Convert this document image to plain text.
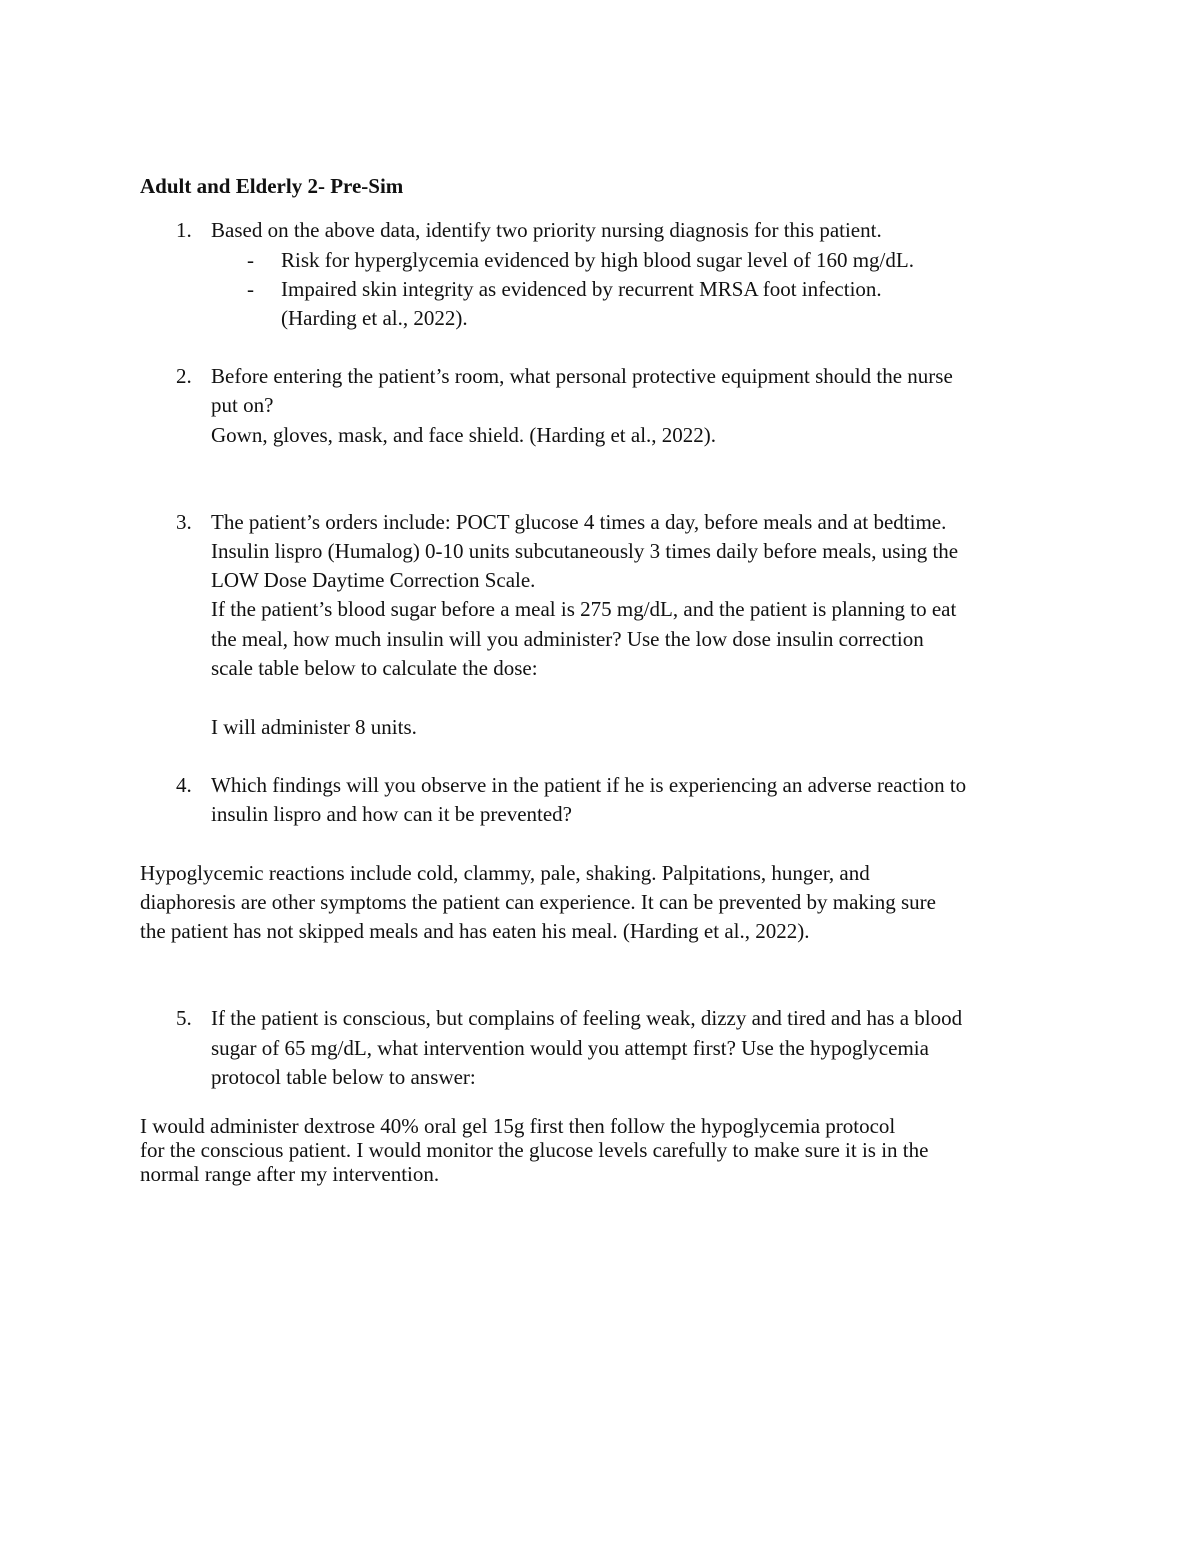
Adult and Elderly 2- Pre-Sim
1. Based on the above data, identify two priority nursing diagnosis for this patient.
- Risk for hyperglycemia evidenced by high blood sugar level of 160 mg/dL.
- Impaired skin integrity as evidenced by recurrent MRSA foot infection.
(Harding et al., 2022).
2. Before entering the patient’s room, what personal protective equipment should the nurse
put on?
Gown, gloves, mask, and face shield. (Harding et al., 2022).
3. The patient’s orders include: POCT glucose 4 times a day, before meals and at bedtime.
Insulin lispro (Humalog) 0-10 units subcutaneously 3 times daily before meals, using the
LOW Dose Daytime Correction Scale.
If the patient’s blood sugar before a meal is 275 mg/dL, and the patient is planning to eat
the meal, how much insulin will you administer? Use the low dose insulin correction
scale table below to calculate the dose:
I will administer 8 units.
4. Which findings will you observe in the patient if he is experiencing an adverse reaction to
insulin lispro and how can it be prevented?
Hypoglycemic reactions include cold, clammy, pale, shaking. Palpitations, hunger, and
diaphoresis are other symptoms the patient can experience. It can be prevented by making sure
the patient has not skipped meals and has eaten his meal. (Harding et al., 2022).
5. If the patient is conscious, but complains of feeling weak, dizzy and tired and has a blood
sugar of 65 mg/dL, what intervention would you attempt first? Use the hypoglycemia
protocol table below to answer:
I would administer dextrose 40% oral gel 15g first then follow the hypoglycemia protocol
for the conscious patient. I would monitor the glucose levels carefully to make sure it is in the
normal range after my intervention.
